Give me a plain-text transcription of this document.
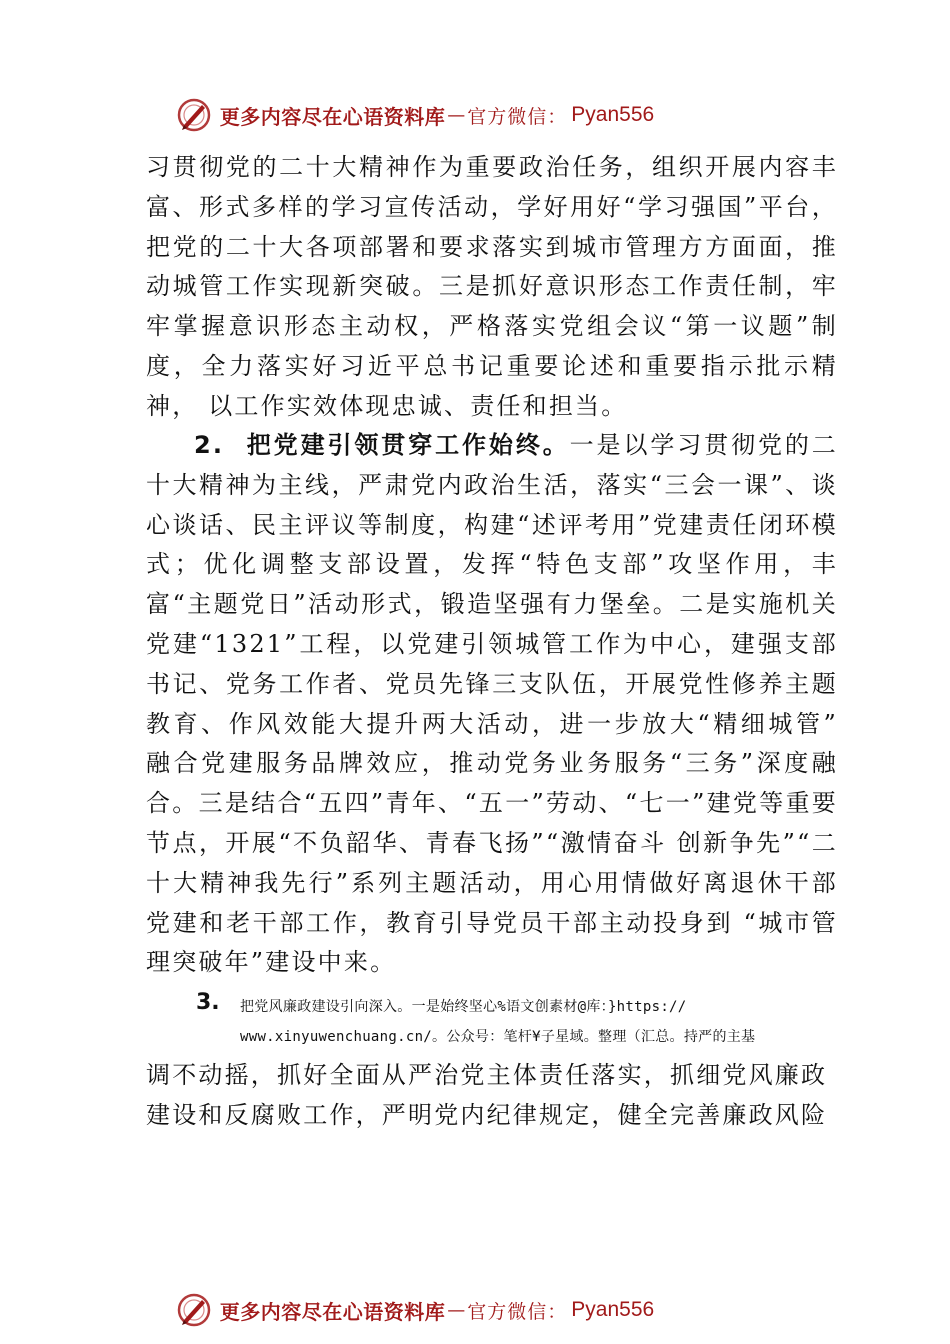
更多内容尽在心语资料库 — 官方微信： Pyan556

习贯彻党的二十大精神作为重要政治任务，组织开展内容丰富、形式多样的学习宣传活动，学好用好“学习强国”平台， 把党的二十大各项部署和要求落实到城市管理方方面面，推 动城管工作实现新突破。三是抓好意识形态工作责任制，牢牢掌握意识形态主动权，严格落实党组会议“第一议题”制度，全力落实好习近平总书记重要论述和重要指示批示精神， 以工作实效体现忠诚、责任和担当。

2. 把党建引领贯穿工作始终。一是以学习贯彻党的二十大精神为主线，严肃党内政治生活，落实“三会一课”、谈心谈话、民主评议等制度，构建“述评考用”党建责任闭环模式；优化调整支部设置，发挥“特色支部”攻坚作用，丰富“主题党日”活动形式，锻造坚强有力堡垒。二是实施机关党建“1321”工程，以党建引领城管工作为中心，建强支部书记、党务工作者、党员先锋三支队伍，开展党性修养主题教育、作风效能大提升两大活动，进一步放大“精细城管” 融合党建服务品牌效应，推动党务业务服务“三务”深度融合。三是结合“五四”青年、“五一”劳动、“七一”建党等重要节点，开展“不负韶华、青春飞扬”“激情奋斗 创新争先”“二十大精神我先行”系列主题活动，用心用情做好离退休干部党建和老干部工作，教育引导党员干部主动投身到 “城市管理突破年”建设中来。

3. 把党风廉政建设引向深入。一是始终坚心%语文创素材@库：}https://
www.xinyuwenchuang.cn/。公众号：笔杆¥子星域。整理（汇总。持严的主基

调不动摇，抓好全面从严治党主体责任落实，抓细党风廉政建设和反腐败工作，严明党内纪律规定，健全完善廉政风险

更多内容尽在心语资料库 — 官方微信： Pyan556
